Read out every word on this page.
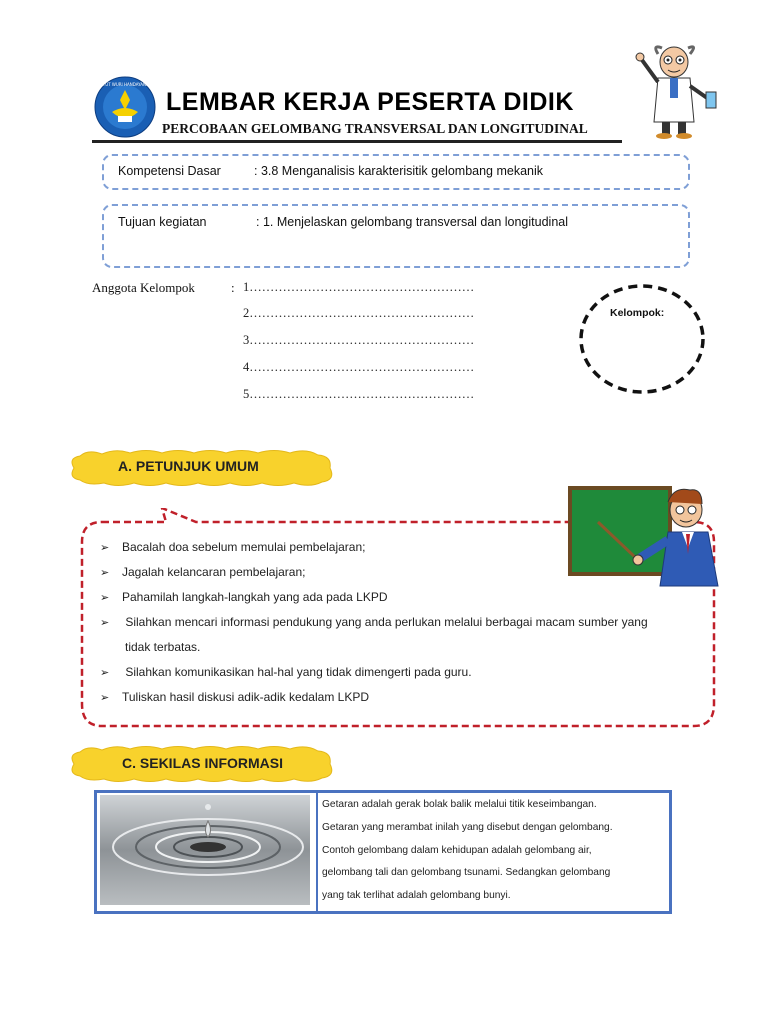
TUT WURI HANDAYANI
LEMBAR KERJA PESERTA DIDIK
PERCOBAAN GELOMBANG TRANSVERSAL DAN LONGITUDINAL
Kompetensi Dasar	: 3.8 Menganalisis karakterisitik gelombang mekanik
Tujuan kegiatan	: 1. Menjelaskan gelombang transversal dan longitudinal
Anggota Kelompok	: 1………………………………………………
2………………………………………………
3………………………………………………
4………………………………………………
5………………………………………………
Kelompok:
A. PETUNJUK UMUM
➢ Bacalah doa sebelum memulai pembelajaran;
➢ Jagalah kelancaran pembelajaran;
➢ Pahamilah langkah-langkah yang ada pada LKPD
➢ Silahkan mencari informasi pendukung yang anda perlukan melalui berbagai macam sumber yang
tidak terbatas.
➢ Silahkan komunikasikan hal-hal yang tidak dimengerti pada guru.
➢ Tuliskan hasil diskusi adik-adik kedalam LKPD
C. SEKILAS INFORMASI
Getaran adalah gerak bolak balik melalui titik keseimbangan.
Getaran yang merambat inilah yang disebut dengan gelombang.
Contoh gelombang dalam kehidupan adalah gelombang air,
gelombang tali dan gelombang tsunami. Sedangkan gelombang
yang tak terlihat adalah gelombang bunyi.
